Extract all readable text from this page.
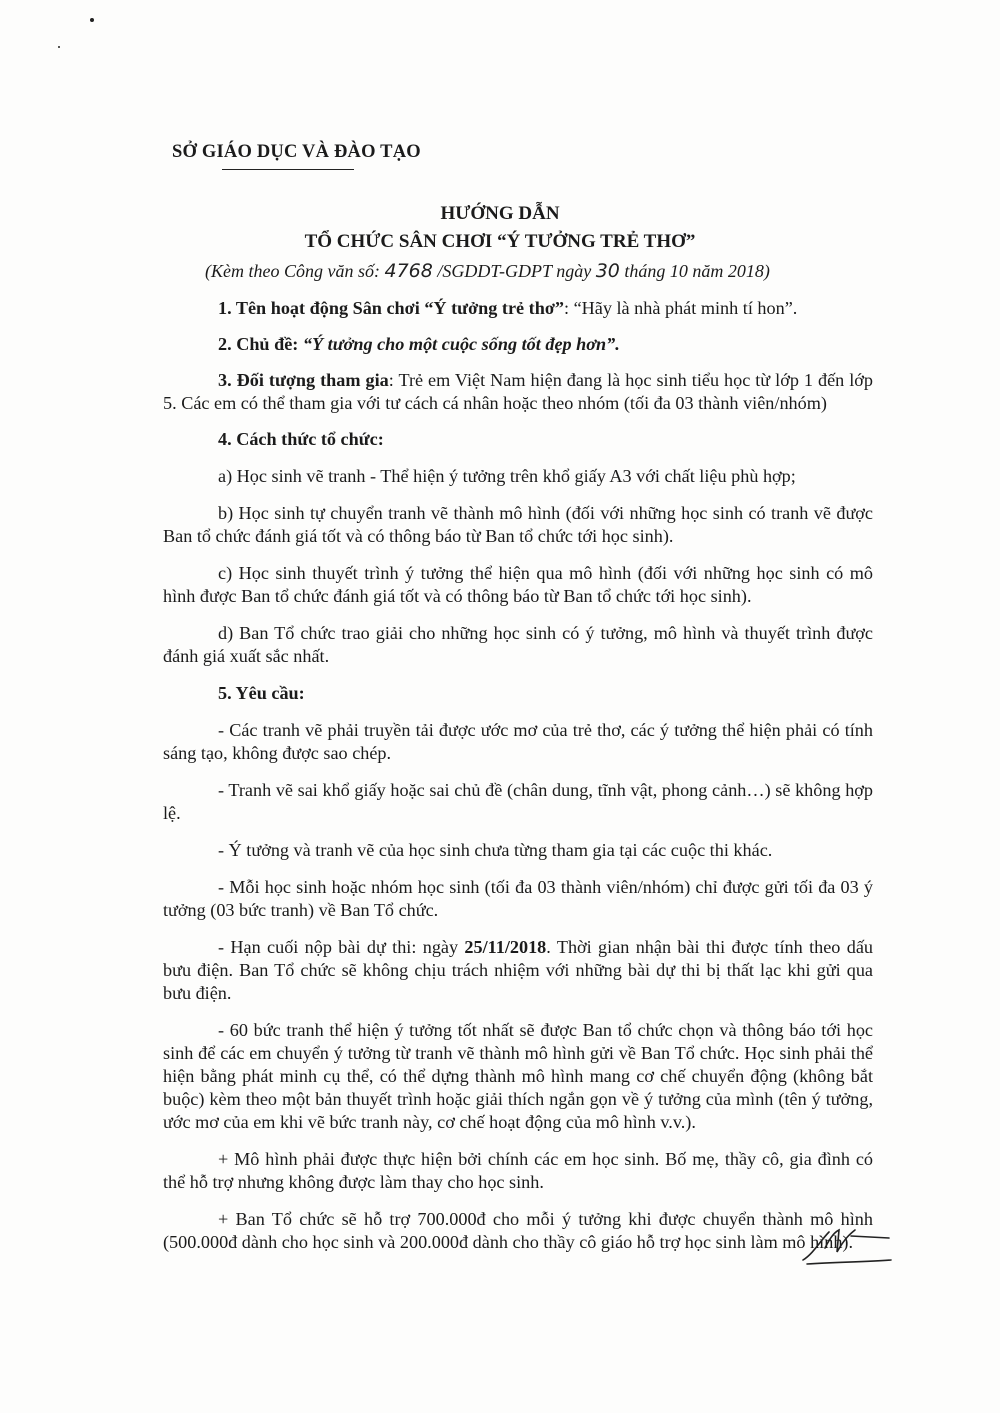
SỞ GIÁO DỤC VÀ ĐÀO TẠO
HƯỚNG DẪN
TỔ CHỨC SÂN CHƠI “Ý TƯỞNG TRẺ THƠ”
(Kèm theo Công văn số: 4768 /SGDDT-GDPT ngày 30 tháng 10 năm 2018)

1. Tên hoạt động Sân chơi “Ý tưởng trẻ thơ”: “Hãy là nhà phát minh tí hon”.

2. Chủ đề: “Ý tưởng cho một cuộc sống tốt đẹp hơn”.

3. Đối tượng tham gia: Trẻ em Việt Nam hiện đang là học sinh tiểu học từ lớp 1 đến lớp 5. Các em có thể tham gia với tư cách cá nhân hoặc theo nhóm (tối đa 03 thành viên/nhóm)

4. Cách thức tổ chức:

a) Học sinh vẽ tranh - Thể hiện ý tưởng trên khổ giấy A3 với chất liệu phù hợp;

b) Học sinh tự chuyển tranh vẽ thành mô hình (đối với những học sinh có tranh vẽ được Ban tổ chức đánh giá tốt và có thông báo từ Ban tổ chức tới học sinh).

c) Học sinh thuyết trình ý tưởng thể hiện qua mô hình (đối với những học sinh có mô hình được Ban tổ chức đánh giá tốt và có thông báo từ Ban tổ chức tới học sinh).

d) Ban Tổ chức trao giải cho những học sinh có ý tưởng, mô hình và thuyết trình được đánh giá xuất sắc nhất.

5. Yêu cầu:

- Các tranh vẽ phải truyền tải được ước mơ của trẻ thơ, các ý tưởng thể hiện phải có tính sáng tạo, không được sao chép.

- Tranh vẽ sai khổ giấy hoặc sai chủ đề (chân dung, tĩnh vật, phong cảnh…) sẽ không hợp lệ.

- Ý tưởng và tranh vẽ của học sinh chưa từng tham gia tại các cuộc thi khác.

- Mỗi học sinh hoặc nhóm học sinh (tối đa 03 thành viên/nhóm) chỉ được gửi tối đa 03 ý tưởng (03 bức tranh) về Ban Tổ chức.

- Hạn cuối nộp bài dự thi: ngày 25/11/2018. Thời gian nhận bài thi được tính theo dấu bưu điện. Ban Tổ chức sẽ không chịu trách nhiệm với những bài dự thi bị thất lạc khi gửi qua bưu điện.

- 60 bức tranh thể hiện ý tưởng tốt nhất sẽ được Ban tổ chức chọn và thông báo tới học sinh để các em chuyển ý tưởng từ tranh vẽ thành mô hình gửi về Ban Tổ chức. Học sinh phải thể hiện bằng phát minh cụ thể, có thể dựng thành mô hình mang cơ chế chuyển động (không bắt buộc) kèm theo một bản thuyết trình hoặc giải thích ngắn gọn về ý tưởng của mình (tên ý tưởng, ước mơ của em khi vẽ bức tranh này, cơ chế hoạt động của mô hình v.v.).

+ Mô hình phải được thực hiện bởi chính các em học sinh. Bố mẹ, thầy cô, gia đình có thể hỗ trợ nhưng không được làm thay cho học sinh.

+ Ban Tổ chức sẽ hỗ trợ 700.000đ cho mỗi ý tưởng khi được chuyển thành mô hình (500.000đ dành cho học sinh và 200.000đ dành cho thầy cô giáo hỗ trợ học sinh làm mô hình).
